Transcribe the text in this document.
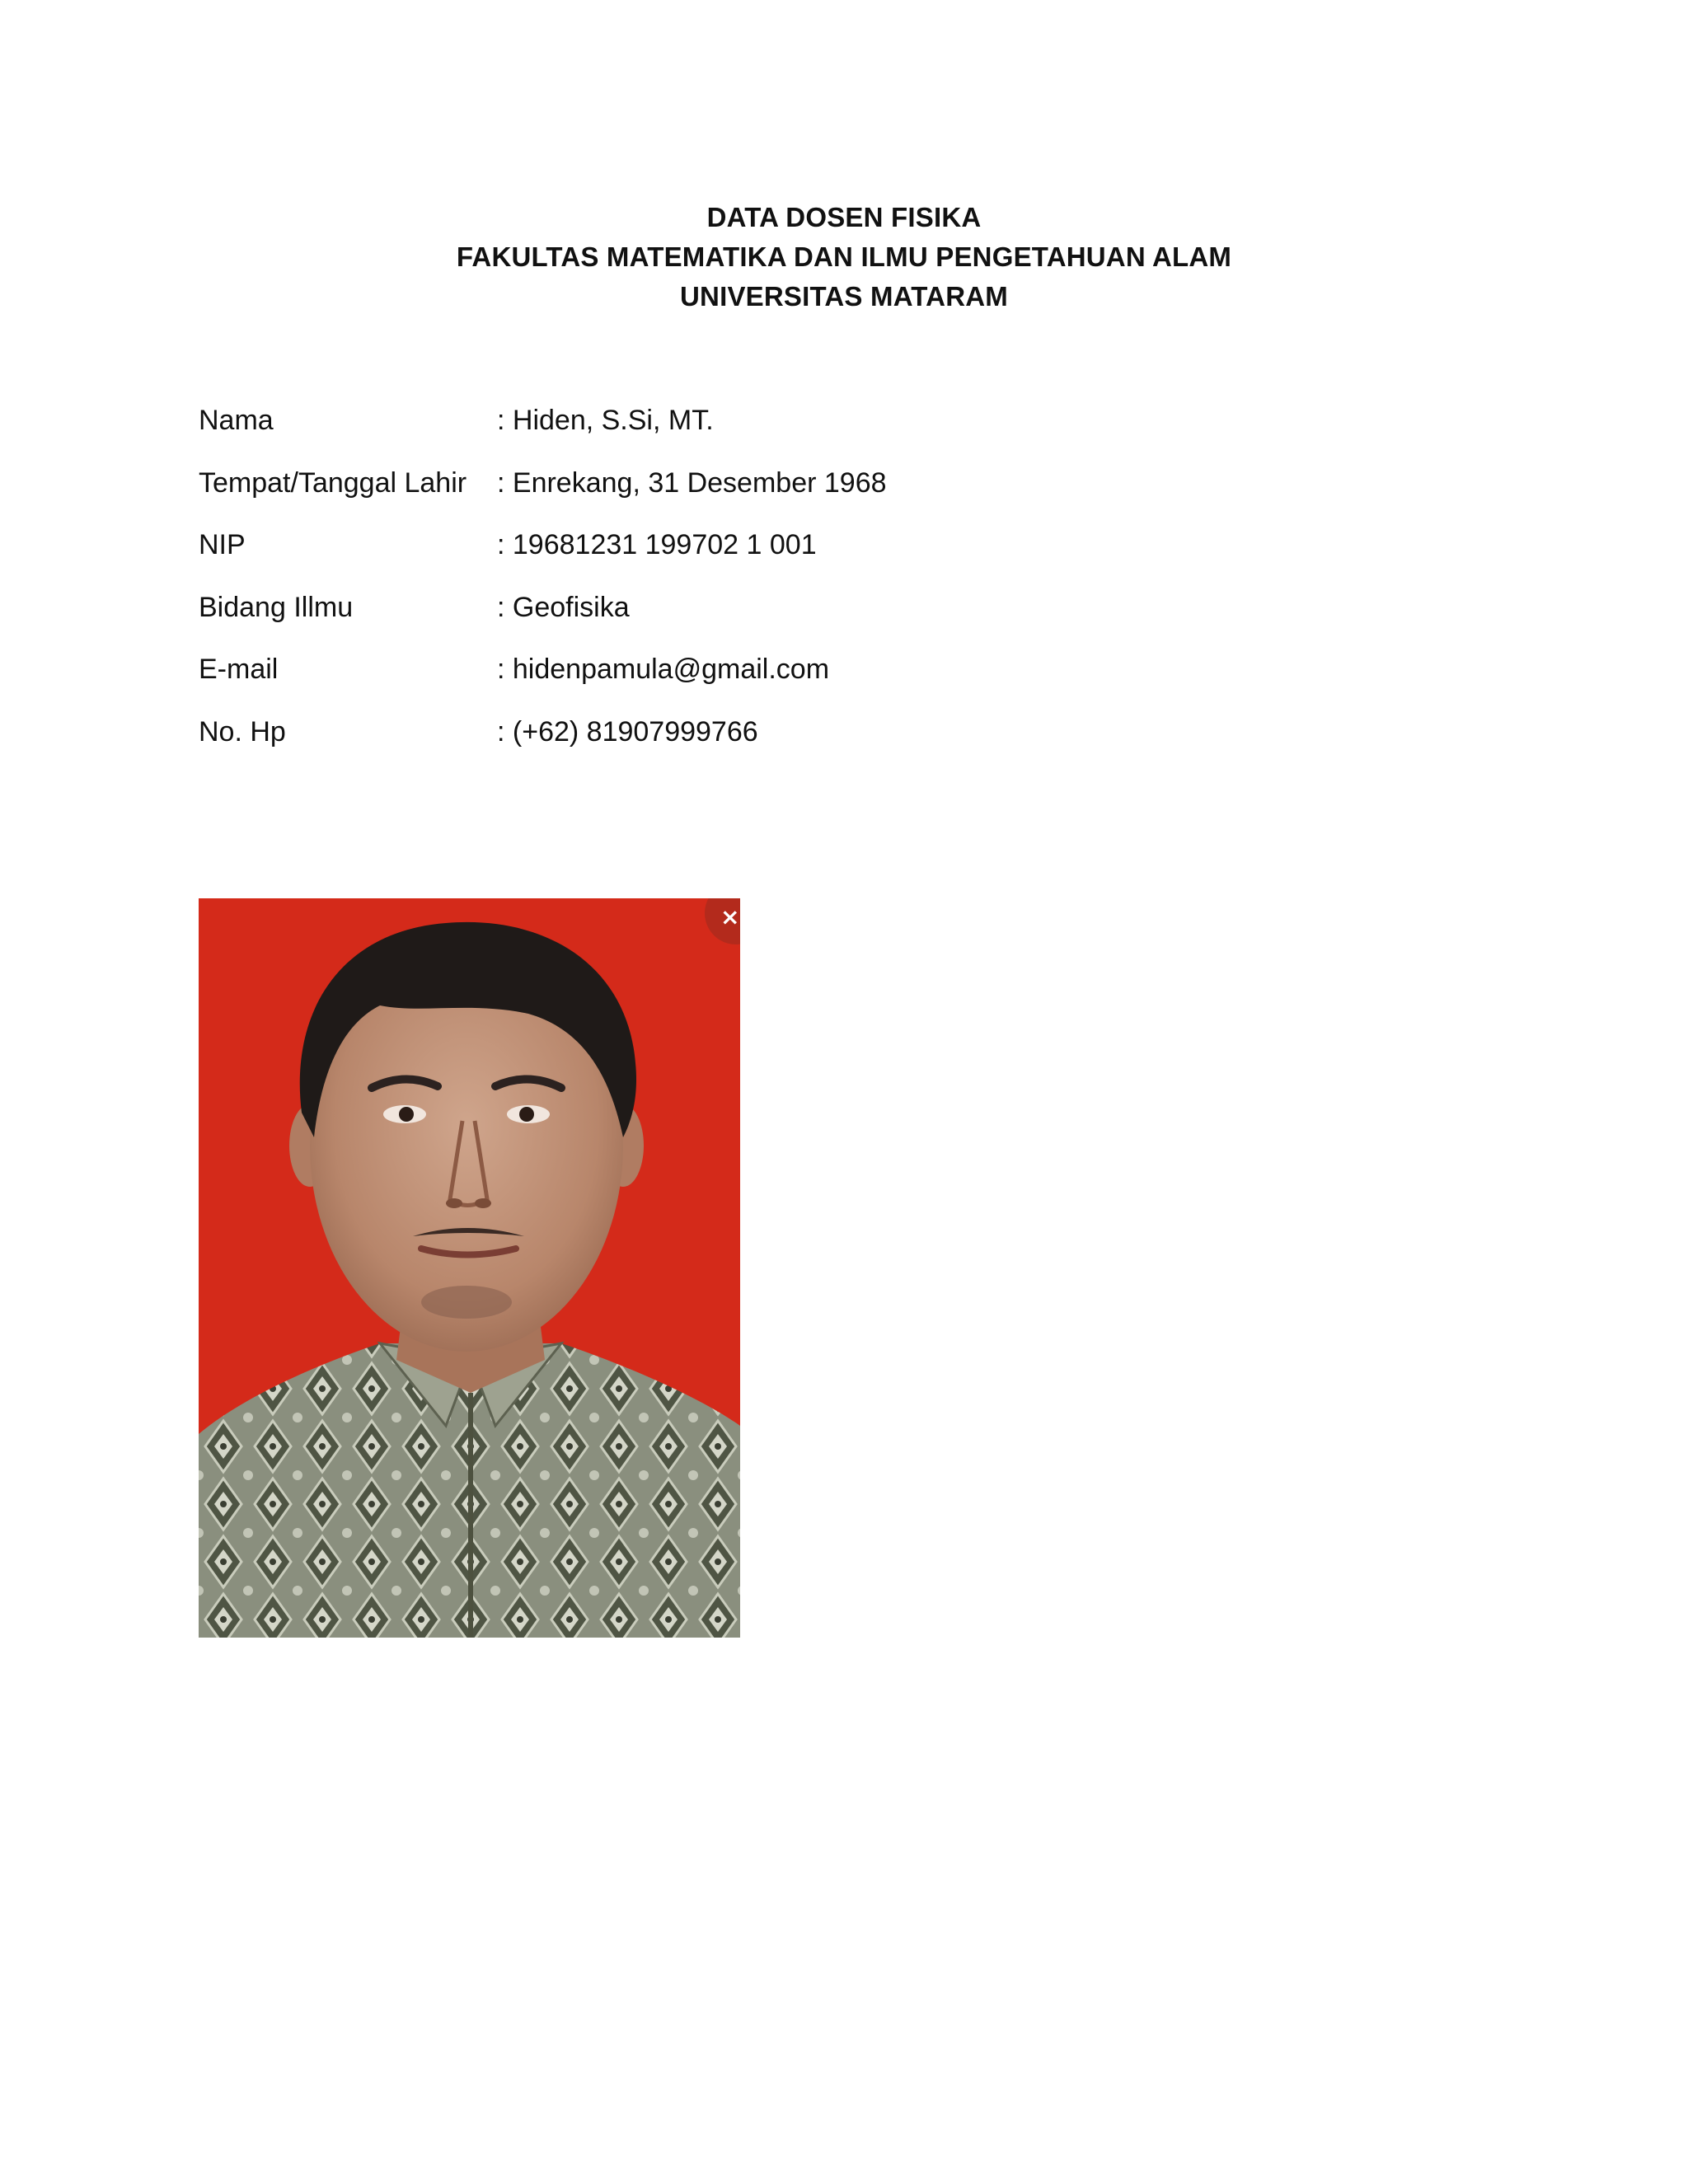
DATA DOSEN FISIKA
FAKULTAS MATEMATIKA DAN ILMU PENGETAHUAN ALAM
UNIVERSITAS MATARAM
Nama	: Hiden, S.Si, MT.
Tempat/Tanggal Lahir : Enrekang, 31 Desember 1968
NIP	: 19681231 199702 1 001
Bidang Illmu	: Geofisika
E-mail	: hidenpamula@gmail.com
No. Hp	: (+62) 81907999766
×
